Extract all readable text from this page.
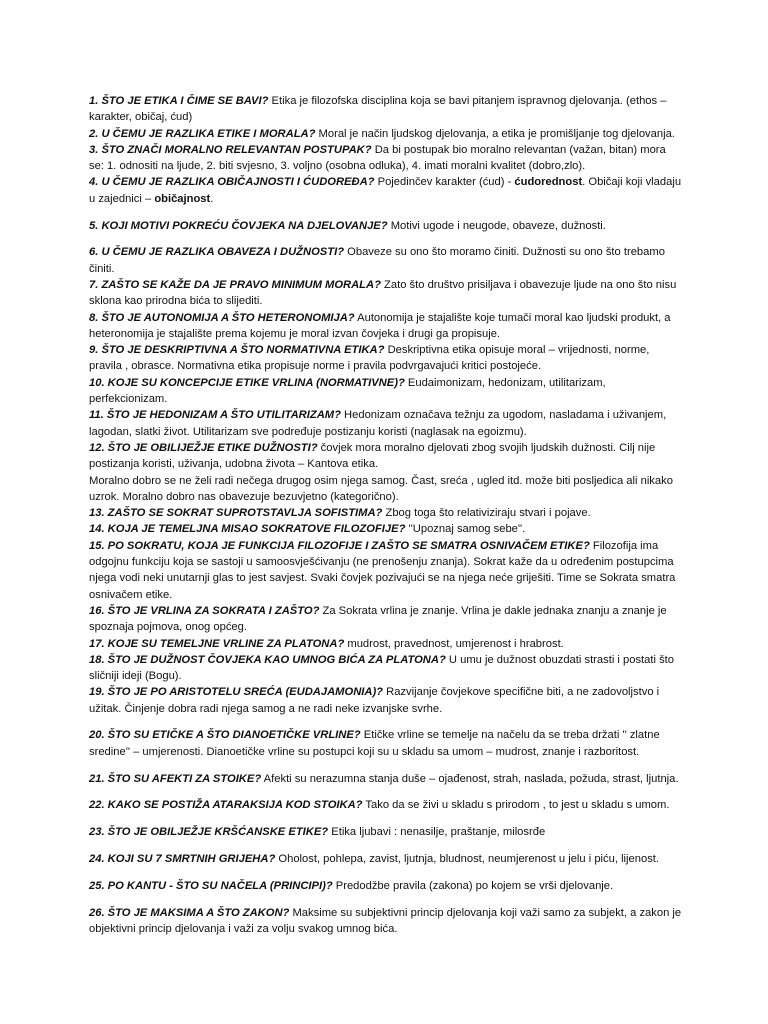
1. ŠTO JE ETIKA I ČIME SE BAVI? Etika je filozofska disciplina koja se bavi pitanjem ispravnog djelovanja. (ethos – karakter, običaj, ćud)

2. U ČEMU JE RAZLIKA ETIKE I MORALA? Moral je način ljudskog djelovanja, a etika je promišljanje tog djelovanja.

3. ŠTO ZNAČI MORALNO RELEVANTAN POSTUPAK? Da bi postupak bio moralno relevantan (važan, bitan) mora se: 1. odnositi na ljude, 2. biti svjesno, 3. voljno (osobna odluka), 4. imati moralni kvalitet (dobro,zlo).

4. U ČEMU JE RAZLIKA OBIČAJNOSTI I ĆUDOREĐA? Pojedinčev karakter (ćud) - ćudorednost. Običaji koji vladaju u zajednici – običajnost.

5. KOJI MOTIVI POKREĆU ČOVJEKA NA DJELOVANJE? Motivi ugode i neugode, obaveze, dužnosti.

6. U ČEMU JE RAZLIKA OBAVEZA I DUŽNOSTI? Obaveze su ono što moramo činiti. Dužnosti su ono što trebamo činiti.

7. ZAŠTO SE KAŽE DA JE PRAVO MINIMUM MORALA? Zato što društvo prisiljava i obavezuje ljude na ono što nisu sklona kao prirodna bića to slijediti.

8. ŠTO JE AUTONOMIJA A ŠTO HETERONOMIJA? Autonomija je stajalište koje tumači moral kao ljudski produkt, a heteronomija je stajalište prema kojemu je moral izvan čovjeka i drugi ga propisuje.

9. ŠTO JE DESKRIPTIVNA A ŠTO NORMATIVNA ETIKA? Deskriptivna etika opisuje moral – vrijednosti, norme, pravila , obrasce. Normativna etika propisuje norme i pravila podvrgavajući kritici postojeće.

10. KOJE SU KONCEPCIJE ETIKE VRLINA (NORMATIVNE)? Eudaimonizam, hedonizam, utilitarizam, perfekcionizam.

11. ŠTO JE HEDONIZAM A ŠTO UTILITARIZAM? Hedonizam označava težnju za ugodom, nasladama i uživanjem, lagodan, slatki život. Utilitarizam sve podređuje postizanju koristi (naglasak na egoizmu).

12. ŠTO JE OBILIJEŽJE ETIKE DUŽNOSTI? čovjek mora moralno djelovati zbog svojih ljudskih dužnosti. Cilj nije postizanja koristi, uživanja, udobna života – Kantova etika.
Moralno dobro se ne želi radi nečega drugog osim njega samog. Čast, sreća , ugled itd. može biti posljedica ali nikako uzrok. Moralno dobro nas obavezuje bezuvjetno (kategorično).

13. ZAŠTO SE SOKRAT SUPROTSTAVLJA SOFISTIMA? Zbog toga što relativiziraju stvari i pojave.

14. KOJA JE TEMELJNA MISAO SOKRATOVE FILOZOFIJE? ''Upoznaj samog sebe''.

15. PO SOKRATU, KOJA JE FUNKCIJA FILOZOFIJE I ZAŠTO SE SMATRA OSNIVAČEM ETIKE? Filozofija ima odgojnu funkciju koja se sastoji u samoosvješćivanju (ne prenošenju znanja). Sokrat kaže da u određenim postupcima njega vodi neki unutarnji glas to jest savjest. Svaki čovjek pozivajući se na njega neće griješiti. Time se Sokrata smatra osnivačem etike.

16. ŠTO JE VRLINA ZA SOKRATA I ZAŠTO? Za Sokrata vrlina je znanje. Vrlina je dakle jednaka znanju a znanje je spoznaja pojmova, onog općeg.

17. KOJE SU TEMELJNE VRLINE ZA PLATONA? mudrost, pravednost, umjerenost i hrabrost.

18. ŠTO JE DUŽNOST ČOVJEKA KAO UMNOG BIĆA ZA PLATONA? U umu je dužnost obuzdati strasti i postati što sličniji ideji (Bogu).

19. ŠTO JE PO ARISTOTELU SREĆA (EUDAJAMONIA)? Razvijanje čovjekove specifične biti, a ne zadovoljstvo i užitak. Činjenje dobra radi njega samog a ne radi neke izvanjske svrhe.

20. ŠTO SU ETIČKE A ŠTO DIANOETIČKE VRLINE? Etičke vrline se temelje na načelu da se treba držati '' zlatne sredine'' – umjerenosti. Dianoetičke vrline su postupci koji su u skladu sa umom – mudrost, znanje i razboritost.

21. ŠTO SU AFEKTI ZA STOIKE? Afekti su nerazumna stanja duše – ojađenost, strah, naslada, požuda, strast, ljutnja.

22. KAKO SE POSTIŽA ATARAKSIJA KOD STOIKA? Tako da se živi u skladu s prirodom , to jest u skladu s umom.

23. ŠTO JE OBILJEŽJE KRŠĆANSKE ETIKE? Etika ljubavi : nenasilje, praštanje, milosrđe

24. KOJI SU 7 SMRTNIH GRIJEHA? Oholost, pohlepa, zavist, ljutnja, bludnost, neumjerenost u jelu i piću, lijenost.

25. PO KANTU - ŠTO SU NAČELA (PRINCIPI)? Predodžbe pravila (zakona) po kojem se vrši djelovanje.

26. ŠTO JE MAKSIMA A ŠTO ZAKON? Maksime su subjektivni princip djelovanja koji važi samo za subjekt, a zakon je objektivni princip djelovanja i važi za volju svakog umnog bića.
